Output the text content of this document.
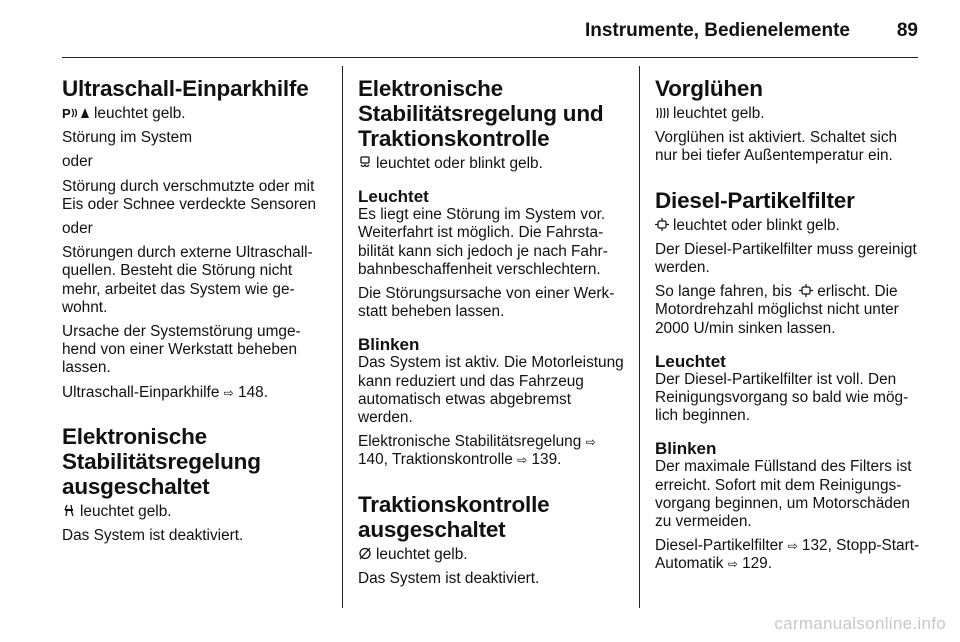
Instrumente, Bedienelemente 89
Ultraschall-Einparkhilfe
P leuchtet gelb.
Störung im System
oder
Störung durch verschmutzte oder mit Eis oder Schnee verdeckte Sensoren
oder
Störungen durch externe Ultraschallquellen. Besteht die Störung nicht mehr, arbeitet das System wie gewohnt.
Ursache der Systemstörung umgehend von einer Werkstatt beheben lassen.
Ultraschall-Einparkhilfe ⇨ 148.
Elektronische Stabilitätsregelung ausgeschaltet
leuchtet gelb.
Das System ist deaktiviert.
Elektronische Stabilitätsregelung und Traktionskontrolle
leuchtet oder blinkt gelb.
Leuchtet
Es liegt eine Störung im System vor. Weiterfahrt ist möglich. Die Fahrstabilität kann sich jedoch je nach Fahrbahnbeschaffenheit verschlechtern.
Die Störungsursache von einer Werkstatt beheben lassen.
Blinken
Das System ist aktiv. Die Motorleistung kann reduziert und das Fahrzeug automatisch etwas abgebremst werden.
Elektronische Stabilitätsregelung ⇨ 140, Traktionskontrolle ⇨ 139.
Traktionskontrolle ausgeschaltet
leuchtet gelb.
Das System ist deaktiviert.
Vorglühen
leuchtet gelb.
Vorglühen ist aktiviert. Schaltet sich nur bei tiefer Außentemperatur ein.
Diesel-Partikelfilter
leuchtet oder blinkt gelb.
Der Diesel-Partikelfilter muss gereinigt werden.
So lange fahren, bis erlischt. Die Motordrehzahl möglichst nicht unter 2000 U/min sinken lassen.
Leuchtet
Der Diesel-Partikelfilter ist voll. Den Reinigungsvorgang so bald wie möglich beginnen.
Blinken
Der maximale Füllstand des Filters ist erreicht. Sofort mit dem Reinigungsvorgang beginnen, um Motorschäden zu vermeiden.
Diesel-Partikelfilter ⇨ 132, Stopp-Start-Automatik ⇨ 129.
carmanualsonline.info
